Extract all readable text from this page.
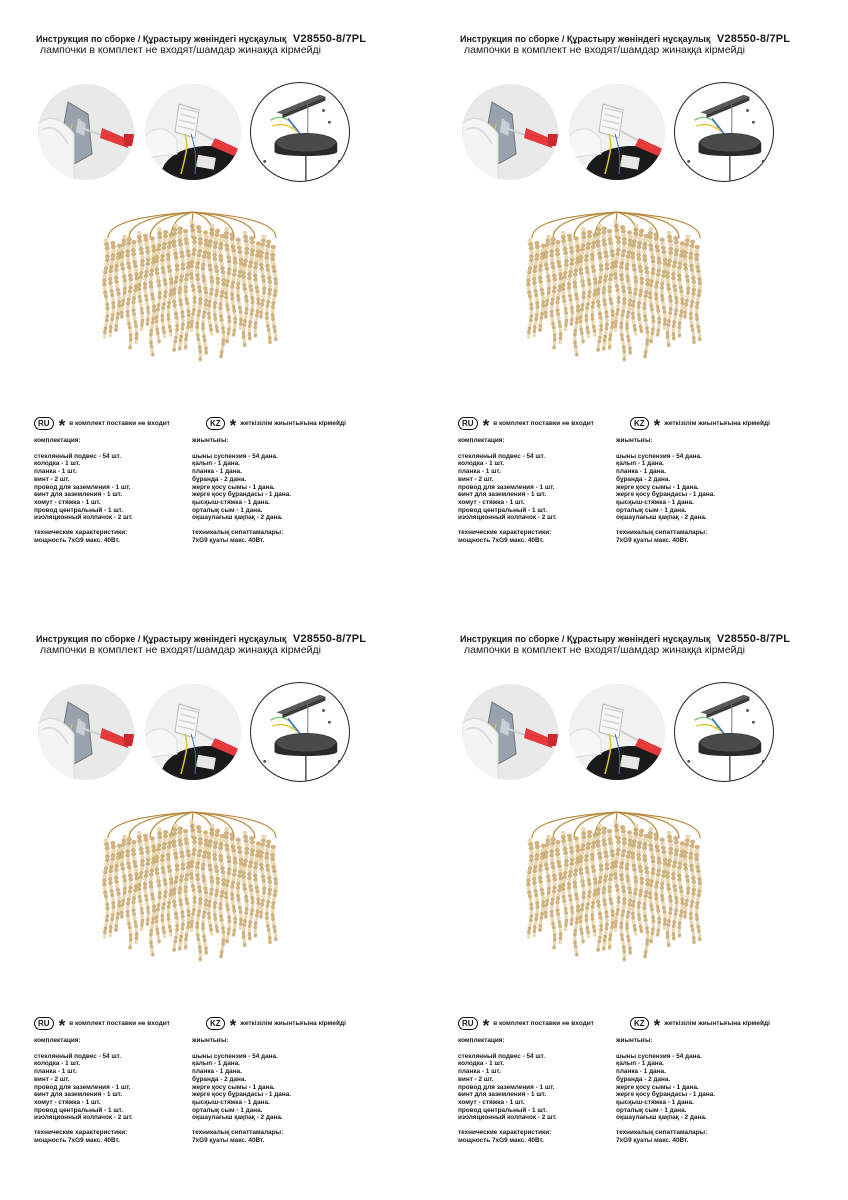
Инструкция по сборке / Құрастыру жөніндегі нұсқаулық V28550-8/7PL
лампочки в комплект не входят/шамдар жинаққа кірмейді
RU * в комплект поставки не входит	KZ * жеткізілім жиынтығына кірмейді
комплектация:
стеклянный подвес - 54 шт.
колодка - 1 шт.
планка - 1 шт.
винт - 2 шт.
провод для заземления - 1 шт.
винт для заземления - 1 шт.
хомут - стяжка - 1 шт.
провод центральный - 1 шт.
изоляционный колпачок - 2 шт.
технические характеристики:
мощность 7xG9 макс. 40Вт.
жиынтығы:
шыны суспензия - 54 дана.
қалып - 1 дана.
планка - 1 дана.
бұранда - 2 дана.
жерге қосу сымы - 1 дана.
жерге қосу бұрандасы - 1 дана.
қысқыш-стяжка - 1 дана.
орталық сым - 1 дана.
оқшаулағыш қақпақ - 2 дана.
техникалық сипаттамалары:
7xG9 қуаты макс. 40Вт.
Инструкция по сборке / Құрастыру жөніндегі нұсқаулық V28550-8/7PL
лампочки в комплект не входят/шамдар жинаққа кірмейді
RU * в комплект поставки не входит	KZ * жеткізілім жиынтығына кірмейді
комплектация:
стеклянный подвес - 54 шт.
колодка - 1 шт.
планка - 1 шт.
винт - 2 шт.
провод для заземления - 1 шт.
винт для заземления - 1 шт.
хомут - стяжка - 1 шт.
провод центральный - 1 шт.
изоляционный колпачок - 2 шт.
технические характеристики:
мощность 7xG9 макс. 40Вт.
жиынтығы:
шыны суспензия - 54 дана.
қалып - 1 дана.
планка - 1 дана.
бұранда - 2 дана.
жерге қосу сымы - 1 дана.
жерге қосу бұрандасы - 1 дана.
қысқыш-стяжка - 1 дана.
орталық сым - 1 дана.
оқшаулағыш қақпақ - 2 дана.
техникалық сипаттамалары:
7xG9 қуаты макс. 40Вт.
Инструкция по сборке / Құрастыру жөніндегі нұсқаулық V28550-8/7PL
лампочки в комплект не входят/шамдар жинаққа кірмейді
RU * в комплект поставки не входит	KZ * жеткізілім жиынтығына кірмейді
комплектация:
стеклянный подвес - 54 шт.
колодка - 1 шт.
планка - 1 шт.
винт - 2 шт.
провод для заземления - 1 шт.
винт для заземления - 1 шт.
хомут - стяжка - 1 шт.
провод центральный - 1 шт.
изоляционный колпачок - 2 шт.
технические характеристики:
мощность 7xG9 макс. 40Вт.
жиынтығы:
шыны суспензия - 54 дана.
қалып - 1 дана.
планка - 1 дана.
бұранда - 2 дана.
жерге қосу сымы - 1 дана.
жерге қосу бұрандасы - 1 дана.
қысқыш-стяжка - 1 дана.
орталық сым - 1 дана.
оқшаулағыш қақпақ - 2 дана.
техникалық сипаттамалары:
7xG9 қуаты макс. 40Вт.
Инструкция по сборке / Құрастыру жөніндегі нұсқаулық V28550-8/7PL
лампочки в комплект не входят/шамдар жинаққа кірмейді
RU * в комплект поставки не входит	KZ * жеткізілім жиынтығына кірмейді
комплектация:
стеклянный подвес - 54 шт.
колодка - 1 шт.
планка - 1 шт.
винт - 2 шт.
провод для заземления - 1 шт.
винт для заземления - 1 шт.
хомут - стяжка - 1 шт.
провод центральный - 1 шт.
изоляционный колпачок - 2 шт.
технические характеристики:
мощность 7xG9 макс. 40Вт.
жиынтығы:
шыны суспензия - 54 дана.
қалып - 1 дана.
планка - 1 дана.
бұранда - 2 дана.
жерге қосу сымы - 1 дана.
жерге қосу бұрандасы - 1 дана.
қысқыш-стяжка - 1 дана.
орталық сым - 1 дана.
оқшаулағыш қақпақ - 2 дана.
техникалық сипаттамалары:
7xG9 қуаты макс. 40Вт.
